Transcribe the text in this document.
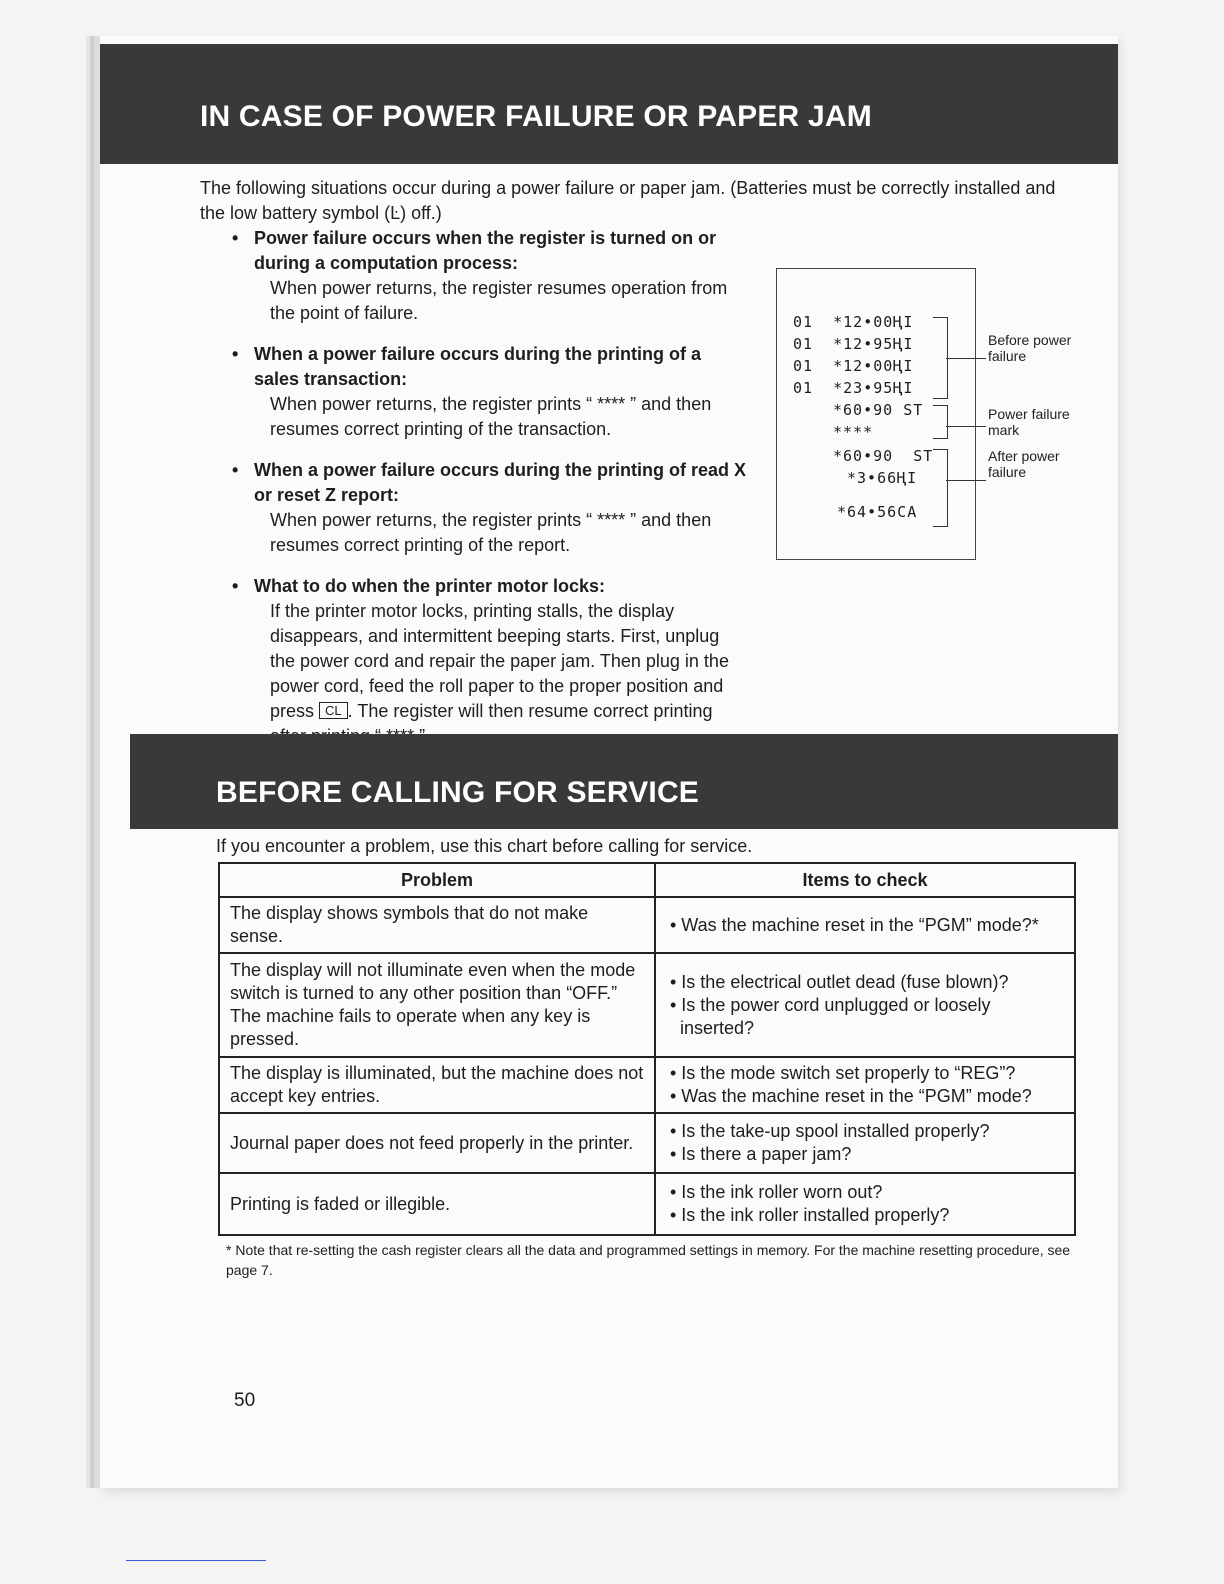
IN CASE OF POWER FAILURE OR PAPER JAM
The following situations occur during a power failure or paper jam. (Batteries must be correctly installed and the low battery symbol (Ŀ) off.)
• Power failure occurs when the register is turned on or during a computation process:
When power returns, the register resumes operation from the point of failure.
• When a power failure occurs during the printing of a sales transaction:
When power returns, the register prints “ **** ” and then resumes correct printing of the transaction.
• When a power failure occurs during the printing of read X or reset Z report:
When power returns, the register prints “ **** ” and then resumes correct printing of the report.
• What to do when the printer motor locks:
If the printer motor locks, printing stalls, the display disappears, and intermittent beeping starts. First, unplug the power cord and repair the paper jam. Then plug in the power cord, feed the roll paper to the proper position and press CL . The register will then resume correct printing
01  *12•00ҢI
01  *12•95ҢI
01  *12•00ҢI
01  *23•95ҢI
*60•90 ST
****
*60•90  ST
*3•66ҢI
*64•56CA
Before power failure
Power failure mark
After power failure
BEFORE CALLING FOR SERVICE
If you encounter a problem, use this chart before calling for service.
Problem	Items to check
The display shows symbols that do not make sense.	• Was the machine reset in the “PGM” mode?*

The display will not illuminate even when the mode switch is turned to any other position than “OFF.” The machine fails to operate when any key is pressed.	• Is the electrical outlet dead (fuse blown)?
• Is the power cord unplugged or loosely inserted?

The display is illuminated, but the machine does not accept key entries.	• Is the mode switch set properly to “REG”?
• Was the machine reset in the “PGM” mode?

Journal paper does not feed properly in the printer.	• Is the take-up spool installed properly?
• Is there a paper jam?

Printing is faded or illegible.	• Is the ink roller worn out?
• Is the ink roller installed properly?
* Note that re-setting the cash register clears all the data and programmed settings in memory. For the machine resetting procedure, see page 7.
50
